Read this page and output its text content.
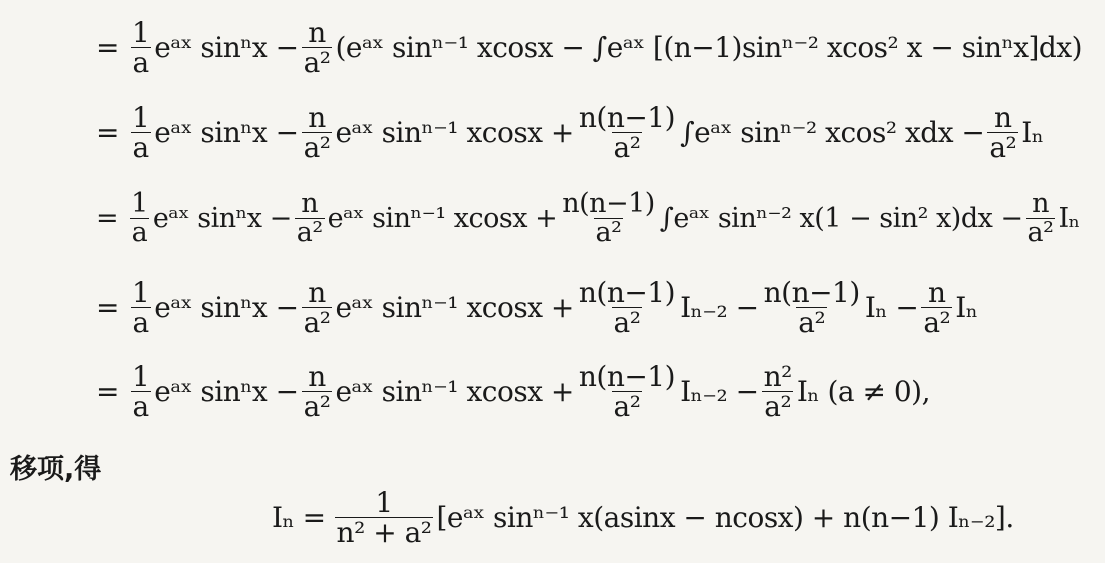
= $\frac{1}{a}$ eᵃˣ $\sin^nx - \frac{n}{\text{a²}}$ (eᵃˣ sinⁿ⁻¹ xcosx − ∫eᵃˣ [(n−1)sinⁿ⁻² xcos² x − sinⁿx]dx)
= $\frac{1}{a}$ eᵃˣ $\sin^nx - \frac{n}{\text{a²}}$ eᵃˣ sinⁿ⁻¹ $xcosx + \frac{n(n-1)}{\text{a²}}$ ∫eᵃˣ sinⁿ⁻² xcos² xdx − $\frac{n}{\text{a²}}$ Iₙ
= $\frac{1}{a}$ eᵃˣ $\sin^nx - \frac{n}{\text{a²}}$ eᵃˣ sinⁿ⁻¹ $xcosx + \frac{n(n-1)}{\text{a²}}$ ∫eᵃˣ sinⁿ⁻² x(1 − sin² $x)dx - \frac{n}{\text{a²}}$ Iₙ
= $\frac{1}{a}$ eᵃˣ $\sin^nx - \frac{n}{\text{a²}}$ eᵃˣ sinⁿ⁻¹ $xcosx + \frac{n(n-1)}{\text{a²}} I_{n-2} - \frac{n(n-1)}{\text{a²}}$ $I_n - \frac{n}{\text{a²}}$ Iₙ
= $\frac{1}{a}$ eᵃˣ $\sin^nx - \frac{n}{\text{a²}}$ eᵃˣ sinⁿ⁻¹ $xcosx + \frac{n(n-1)}{\text{a²}} I_{n-2} - \frac{\text{n²}}{\text{a²}}$ Iₙ (a ≠ 0),
移项,得
$I_n = \frac{1}{\text{n² + a²}}$ [eᵃˣ sinⁿ⁻¹ x(asinx − ncosx) + n(n−1) Iₙ₋₂].
